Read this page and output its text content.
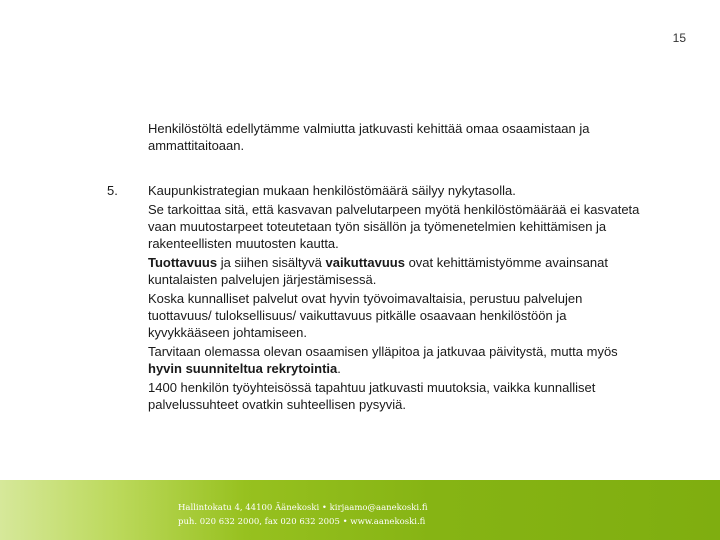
15
Henkilöstöltä edellytämme valmiutta jatkuvasti kehittää omaa osaamistaan ja ammattitaitoaan.
5. Kaupunkistrategian mukaan henkilöstömäärä säilyy nykytasolla.

Se tarkoittaa sitä, että kasvavan palvelutarpeen myötä henkilöstömäärää ei kasvateta vaan muutostarpeet toteutetaan työn sisällön ja työmenetelmien kehittämisen ja rakenteellisten muutosten kautta.

Tuottavuus ja siihen sisältyvä vaikuttavuus ovat kehittämistyömme avainsanat kuntalaisten palvelujen järjestämisessä.

Koska kunnalliset palvelut ovat hyvin työvoimavaltaisia, perustuu palvelujen tuottavuus/ tuloksellisuus/ vaikuttavuus pitkälle osaavaan henkilöstöön ja kyvykkääseen johtamiseen.

Tarvitaan olemassa olevan osaamisen ylläpitoa ja jatkuvaa päivitystä, mutta myös hyvin suunniteltua rekrytointia.

1400 henkilön työyhteisössä tapahtuu jatkuvasti muutoksia, vaikka kunnalliset palvelussuhteet ovatkin suhteellisen pysyviä.

Hallintokatu 4, 44100 Äänekoski • kirjaamo@aanekoski.fi
puh. 020 632 2000, fax 020 632 2005 • www.aanekoski.fi
